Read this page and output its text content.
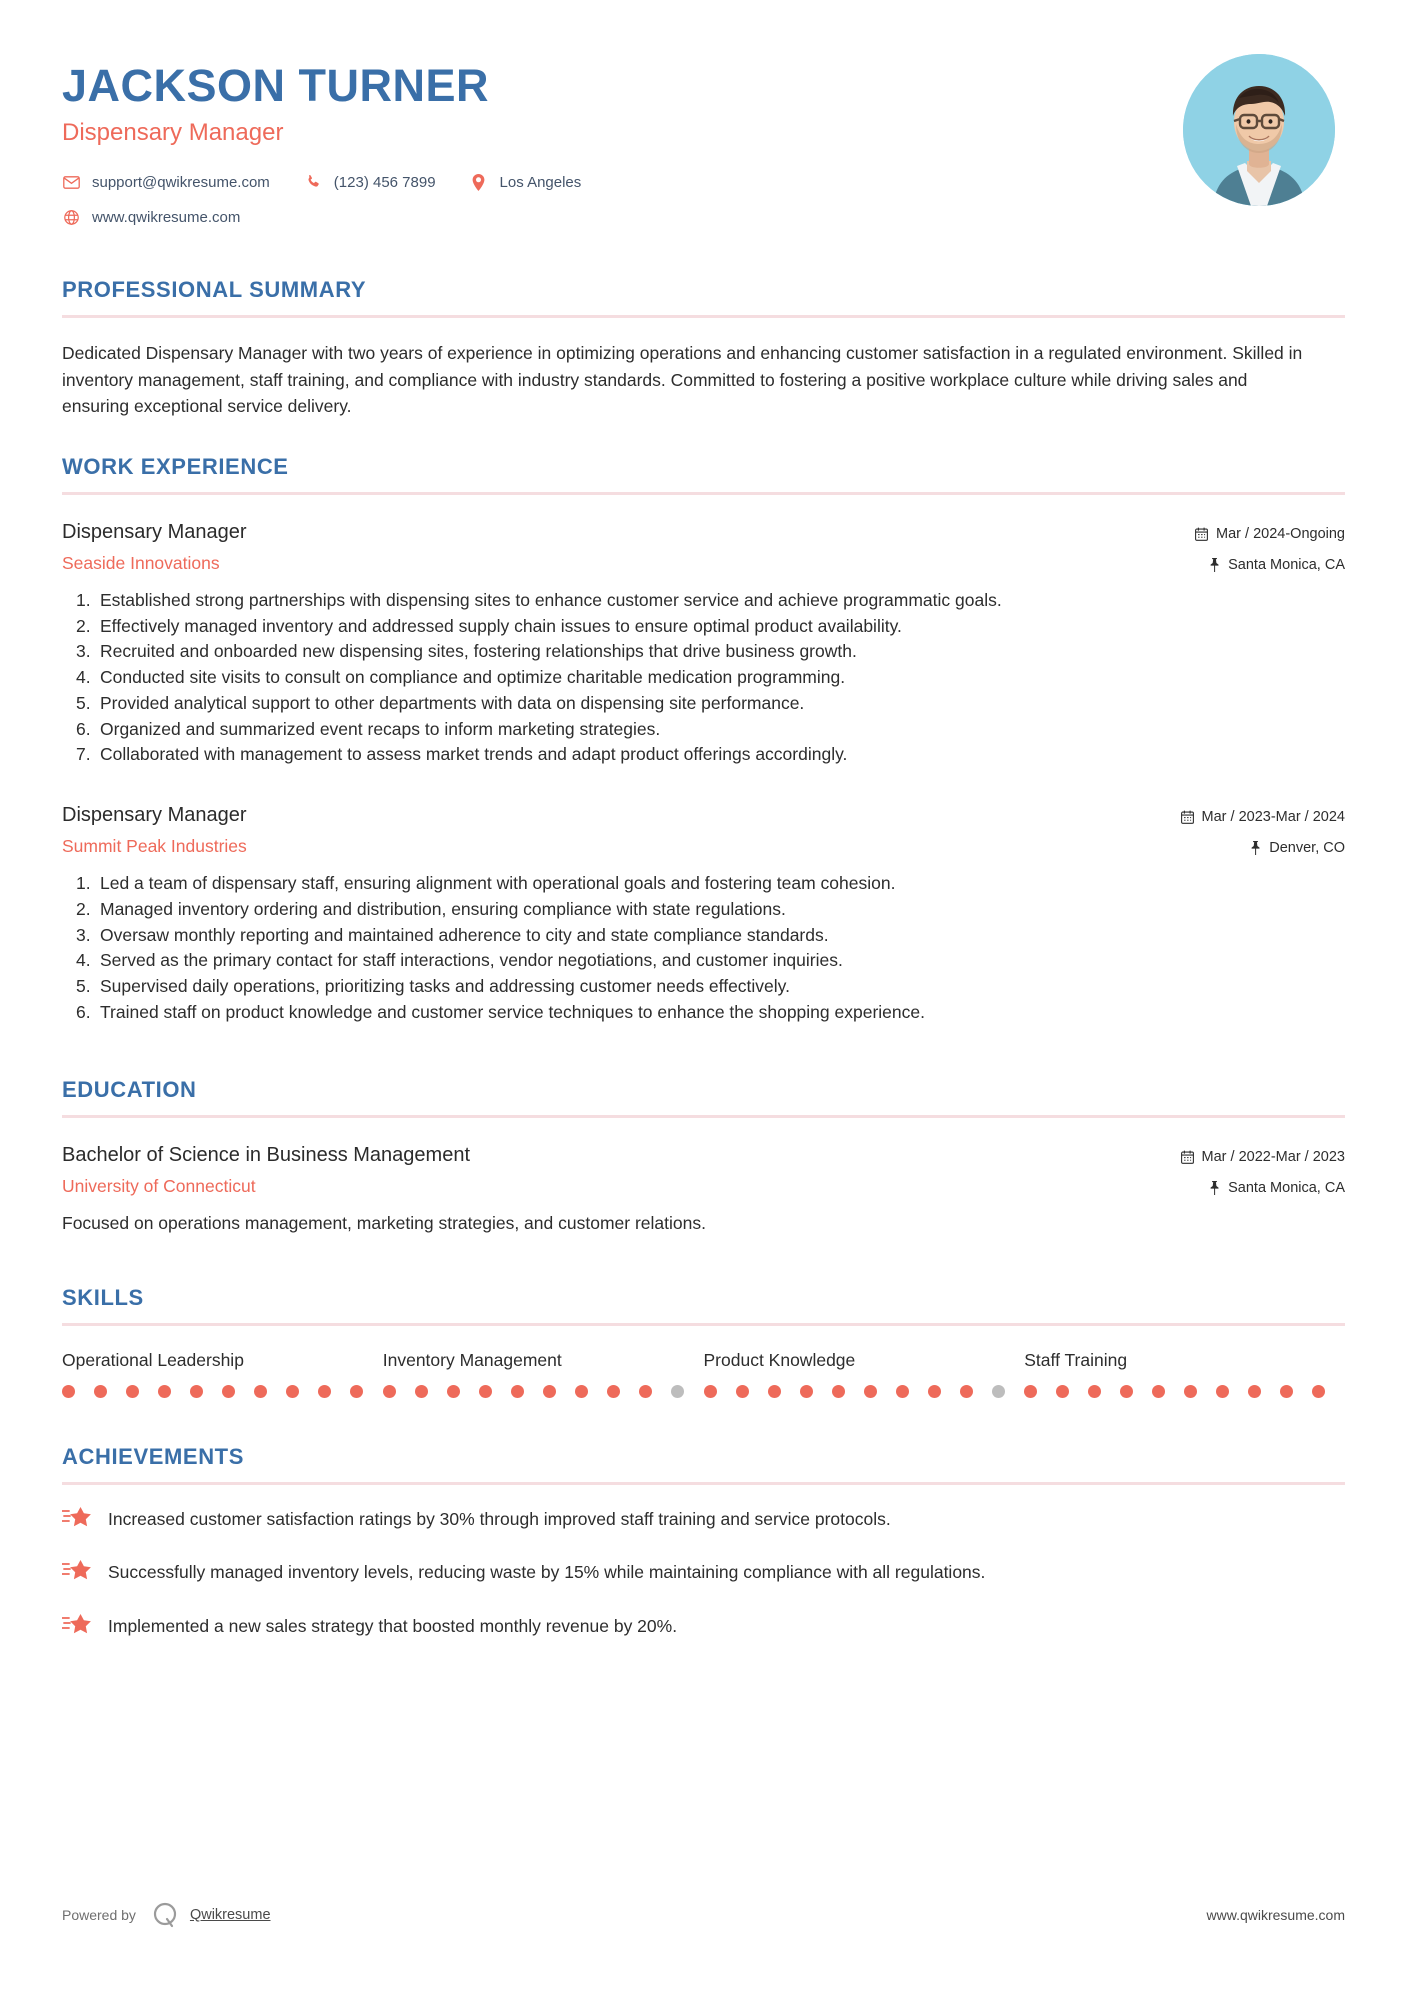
JACKSON TURNER
Dispensary Manager
support@qwikresume.com	(123) 456 7899	Los Angeles
www.qwikresume.com
PROFESSIONAL SUMMARY
Dedicated Dispensary Manager with two years of experience in optimizing operations and enhancing customer satisfaction in a regulated environment. Skilled in inventory management, staff training, and compliance with industry standards. Committed to fostering a positive workplace culture while driving sales and ensuring exceptional service delivery.
WORK EXPERIENCE
Dispensary Manager
Seaside Innovations
Mar / 2024-Ongoing
Santa Monica, CA
Established strong partnerships with dispensing sites to enhance customer service and achieve programmatic goals.
Effectively managed inventory and addressed supply chain issues to ensure optimal product availability.
Recruited and onboarded new dispensing sites, fostering relationships that drive business growth.
Conducted site visits to consult on compliance and optimize charitable medication programming.
Provided analytical support to other departments with data on dispensing site performance.
Organized and summarized event recaps to inform marketing strategies.
Collaborated with management to assess market trends and adapt product offerings accordingly.
Dispensary Manager
Summit Peak Industries
Mar / 2023-Mar / 2024
Denver, CO
Led a team of dispensary staff, ensuring alignment with operational goals and fostering team cohesion.
Managed inventory ordering and distribution, ensuring compliance with state regulations.
Oversaw monthly reporting and maintained adherence to city and state compliance standards.
Served as the primary contact for staff interactions, vendor negotiations, and customer inquiries.
Supervised daily operations, prioritizing tasks and addressing customer needs effectively.
Trained staff on product knowledge and customer service techniques to enhance the shopping experience.
EDUCATION
Bachelor of Science in Business Management
University of Connecticut
Mar / 2022-Mar / 2023
Santa Monica, CA
Focused on operations management, marketing strategies, and customer relations.
SKILLS
Operational Leadership	Inventory Management	Product Knowledge	Staff Training
ACHIEVEMENTS
Increased customer satisfaction ratings by 30% through improved staff training and service protocols.
Successfully managed inventory levels, reducing waste by 15% while maintaining compliance with all regulations.
Implemented a new sales strategy that boosted monthly revenue by 20%.
Powered by	Qwikresume	www.qwikresume.com
